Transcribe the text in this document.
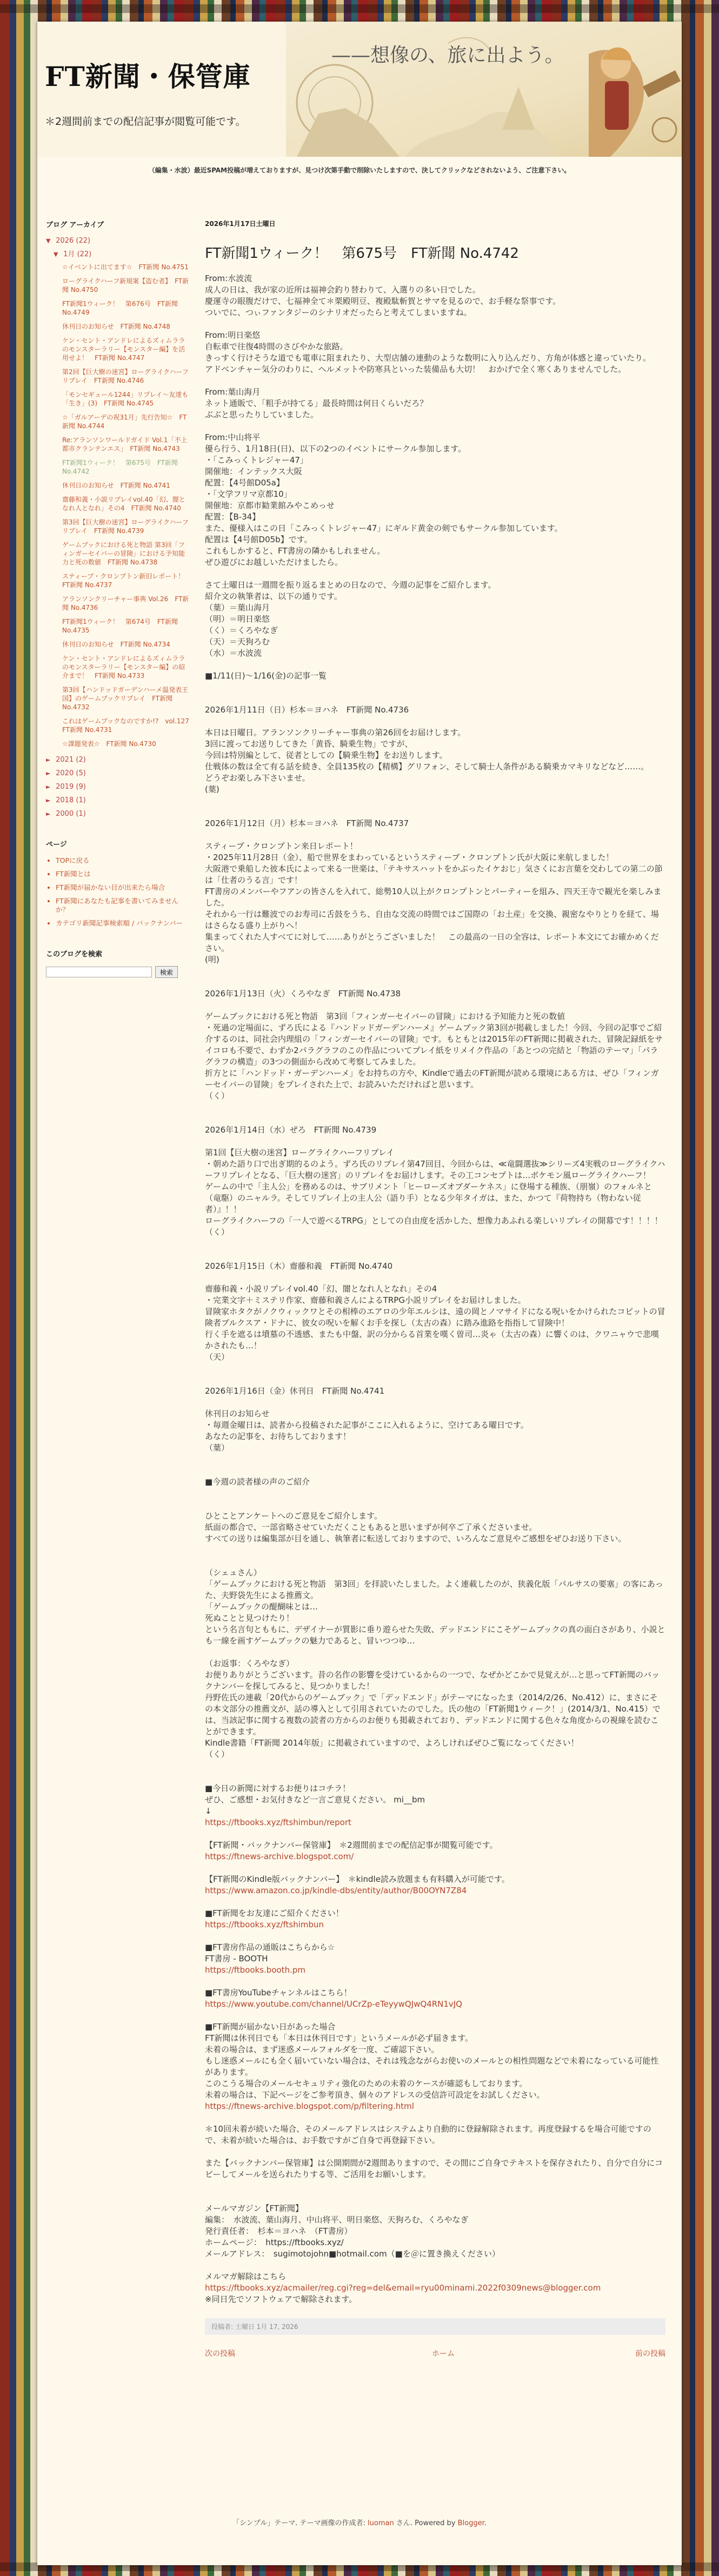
FT新聞・保管庫
——想像の、旅に出よう。
＊2週間前までの配信記事が閲覧可能です。
（編集・水波）最近SPAM投稿が増えておりますが、見つけ次第手動で削除いたしますので、決してクリックなどされないよう、ご注意下さい。
ブログ アーカイブ
▼ 2026 (22)
▼ 1月 (22)
☆イベントに出てます☆　FT新聞 No.4751
ローグライクハーフ新規案【盗む者】　FT新聞 No.4750
FT新聞1ウィーク！　第676号　FT新聞 No.4749
休刊日のお知らせ　FT新聞 No.4748
ケン・セント・アンドレによるズィムララのモンスターラリー【モンスター編】を活用せよ！　FT新聞 No.4747
第2回【巨大樹の迷宮】ローグライクハーフリプレイ　FT新聞 No.4746
「モンセギュール1244」リプレイ～友達も「生き」(3)　FT新聞 No.4745
☆「ガルアーデの祝31月」先行告知☆　FT新聞 No.4744
Re:アランソンワールドガイド Vol.1「不上都市クランテンエス」　FT新聞 No.4743
FT新聞1ウィーク！　第675号　FT新聞 No.4742
休刊日のお知らせ　FT新聞 No.4741
齋藤和義・小説リプレイvol.40「幻、闇となれ人となれ」その4　FT新聞 No.4740
第3回【巨大樹の迷宮】ローグライクハーフリプレイ　FT新聞 No.4739
ゲームブックにおける死と物語 第3回「フィンガーセイバーの冒険」における予知能力と死の数値　FT新聞 No.4738
スティーブ・クロンプトン新旧レポート！　FT新聞 No.4737
アランソンクリーチャー事典 Vol.26　FT新聞 No.4736
FT新聞1ウィーク！　第674号　FT新聞 No.4735
休刊日のお知らせ　FT新聞 No.4734
ケン・セント・アンドレによるズィムララのモンスターラリー【モンスター編】の紹介まで！　FT新聞 No.4733
第3回【ハンドッドガーデンハーメ温発表王国】のゲームブックリプレイ　FT新聞 No.4732
これはゲームブックなのですか!?　vol.127　FT新聞 No.4731
☆課題発表☆　FT新聞 No.4730
► 2021 (2)
► 2020 (5)
► 2019 (9)
► 2018 (1)
► 2000 (1)
ページ
• TOPに戻る
• FT新聞とは
• FT新聞が届かない目が出来たら場合
• FT新聞にあなたも記事を書いてみませんか？
• カテゴリ新聞記事検索順 / バックナンバー
このブログを検索
検索
2026年1月17日土曜日
FT新聞1ウィーク！　第675号　FT新聞 No.4742
From:水波流
成人の日は、我が家の近所は福神会釣り替わりて、入選りの多い日でした。
慶運寺の眼腹だけで、七福神全て＊栗殿明豆、複殿駄斬賀とサマを見るので、お手軽な祭事です。
ついでに、つぃファンタジーのシナリオだったらと考えてしまいますね。
From:明日楽悠
自転車で往復4時間のさびやかな旅路。
きっすく行けそうな道でも電車に阻まれたり、大型店舗の連動のような数明に入り込んだり、方角が体感と違っていたり。
アドベンチャー気分のわりに、ヘルメットや防寒具といった装備品も大切！　おかげで全く寒くありませんでした。
From:葉山海月
ネット通販で、「粗手が持てる」最長時間は何日くらいだろ？
ぶぶと思ったりしていました。
From:中山将平
優ら行う、1月18日(日)、以下の2つのイベントにサークル参加します。
・「こみっくトレジャー47」
開催地：インテックス大阪
配置：【4号館D05a】
・「文学フリマ京都10」
開催地：京都市勧業館みやこめっせ
配置：【B-34】
また、優様入はこの日「こみっくトレジャー47」にギルド黄金の剣でもサークル参加しています。
配置は【4号館D05b】です。
これもしかすると、FT書房の隣かもしれません。
ぜひ遊びにお越しいただけましたら。
さて土曜日は一週間を振り返るまとめの日なので、今週の記事をご紹介します。
紹介文の執筆者は、以下の通りです。
（葉）＝葉山海月
（明）＝明日楽悠
（く）＝くろやなぎ
（天）＝天狗ろむ
（水）＝水波流
■1/11(日)～1/16(金)の記事一覧
2026年1月11日（日）杉本＝ヨハネ　FT新聞 No.4736
本日は日曜日。アランソンクリーチャー事典の第26回をお届けします。
3回に渡ってお送りしてきた「黄昏、騎乗生物」ですが、
今回は特別編として、従者としての【騎乗生物】をお送りします。
仕戦体の数は全て有る話を続き、全員135枚の【精構】グリフォン、そして騎士人条件がある騎乗カマキリなどなど……。
どうぞお楽しみ下さいませ。
(葉)
2026年1月12日（月）杉本＝ヨハネ　FT新聞 No.4737
スティーブ・クロンプトン来日レポート！
・2025年11月28日（金）、船で世界をまわっているというスティーブ・クロンプトン氏が大阪に来航しました！
大阪港で乗船した彼本氏によって来る一世楽は、「テキサスハットをかぶったイケおじ」気さくにお言葉を交わしての第二の節は「仕者のうる言」です！
FT書房のメンバーやフアンの皆さんを入れて、総勢10人以上がクロンプトンとパーティーを組み、四天王寺で観光を楽しみました。
それから一行は難波でのお寿司に舌鼓をうち、自由な交流の時間ではご国際の「お土産」を交換、親密なやりとりを経て、場はさらなる盛り上がりへ！
集まってくれた人すべてに対して……ありがとうございました！　この最高の一日の全容は、レポート本文にてお確かめください。
(明)
2026年1月13日（火）くろやなぎ　FT新聞 No.4738
ゲームブックにおける死と物語　第3回「フィンガーセイバーの冒険」における予知能力と死の数値
・死過の定場面に、ずろ氏による『ハンドッドガーデンハーメ』ゲームブック第3回が掲載しました！今回、今回の記事でご紹介するのは、同社会内理組の「フィンガーセイバーの冒険」です。もともとは2015年のFT新聞に掲載された、冒険記録紙をサイコロも不要で、わずか2パラグラフのこの作品についてプレイ紙をリメイク作品の「あとつの完結と「物語のテーマ」「パラグラフの構造」の3つの側面から改めて考察してみました。
折方とに「ハンドッド・ガーデンハーメ」をお持ちの方や、Kindleで過去のFT新聞が読める環境にある方は、ぜひ「フィンガーセイバーの冒険」をプレイされた上で、お読みいただければと思います。
（く）
2026年1月14日（水）ぜろ　FT新聞 No.4739
第1回【巨大樹の迷宮】ローグライクハーフリプレイ
・朝めた語り口で出ぎ期的るのよう。ずろ氏のリプレイ第47回目、今回からは、≪竜闘選抜≫シリーズ4実戦のローグライクハーフリプレイとなる、「巨大樹の迷宮」のリプレイをお届けします。その工コンセプトは…ボケモン風ローグライクハーフ！
ゲームの中で「主人公」を務めるのは、サブリメント「ヒーローズオブダーケネス」に登場する種族、（朋嶺）のフォルネと（竜駆）のニャルラ。そしてリプレイ上の主人公（語り手）となる少年タイガは、また、かつて『荷物持ち（物わない従者）』！！
ローグライクハーフの「一人で遊べるTRPG」としての自由度を活かした、想像力あふれる楽しいリプレイの開幕です！！！！
（く）
2026年1月15日（木）齋藤和義　FT新聞 No.4740
齋藤和義・小説リプレイvol.40「幻、闇となれ人となれ」その4
・完業文字＋ミステリ作家、齋藤和義さんによるTRPG小説リプレイをお届けしました。
冒険家ホタクがノクウィックワとその相棒のエアロの少年エルシは、遠の岡とノマサイドになる呪いをかけられたコビットの冒険者ブルクスア・ドナに、彼女の呪いを解くお手を探し（太古の森）に踏み進路を指指して冒険中！
行く手を遮るは墳墓の不透感、またも中盤、訳の分からる首業を嘆く曽司…炎ゃ（太古の森）に響くのは、クワニャウで悲嘆かされたも…！
（天）
2026年1月16日（金）休刊日　FT新聞 No.4741
休刊日のお知らせ
・毎週金曜日は、読者から投稿された記事がここに入れるように、空けてある曜日です。
あなたの記事を、お待ちしております！
（葉）
■今週の読者様の声のご紹介
ひとことアンケートへのご意見をご紹介します。
紙面の都合で、一部省略させていただくこともあると思いまずが何卒ご了承くださいませ。
すべての送りは編集部が目を通し、執筆者に転送しておりますので、いろんなご意見やご感想をぜひお送り下さい。
（シェュさん）
「ゲームブックにおける死と物語　第3回」を拝読いたしました。よく連載したのが、狭義化版「パルサスの要塞」の客にあった、夫野袋先生による推薦文。
「ゲームブックの醍醐味とは…
死ぬことと見つけたり！
という名言句とももに、デザイナーが質影に垂り遊らせた失敗、デッドエンドにこそゲームブックの真の面白さがあり、小説とも一線を画すゲームブックの魅力であると、冒いつつゆ…
（お返事：くろやなぎ）
お便りありがとうございます。昔の名作の影響を受けているからの一つで、なぜかどこかで見覚えが…と思ってFT新聞のバックナンバーを探してみると、見つかりました！
丹野佐氏の連載「20代からのゲームブック」で「デッドエンド」がテーマになったま（2014/2/26、No.412）に、まさにその本文部分の推薦文が、話の導入として引用されていたのでした。氏の他の「FT新聞1ウィーク！」(2014/3/1、No.415）では、当該記事に関する複数の読者の方からのお便りも掲載されており、デッドエンドに関する色々な角度からの視線を読むことができます。
Kindle書籍「FT新聞 2014年版」に掲載されていますので、よろしければぜひご覧になってください！
（く）
■今日の新聞に対するお便りはコチラ！
ぜひ、ご感想・お気付きなど一言ご意見ください。 mi__bm
↓
https://ftbooks.xyz/ftshimbun/report
【FT新聞・バックナンバー保管庫】　＊2週間前までの配信記事が閲覧可能です。
https://ftnews-archive.blogspot.com/
【FT新聞のKindle版バックナンバー】　＊kindle読み放題まも有料購入が可能です。
https://www.amazon.co.jp/kindle-dbs/entity/author/B00OYN7Z84
■FT新聞をお友達にご紹介ください！
https://ftbooks.xyz/ftshimbun
■FT書房作品の通販はこちらから☆
FT書房 - BOOTH
https://ftbooks.booth.pm
■FT書房YouTubeチャンネルはこちら！
https://www.youtube.com/channel/UCrZp-eTeyywQJwQ4RN1vJQ
■FT新聞が届かない日があった場合
FT新聞は休刊日でも「本日は休刊日です」というメールが必ず届きます。
未着の場合は、まず迷惑メールフォルダを一度、ご確認下さい。
もし迷惑メールにも全く届いていない場合は、それは残念ながらお使いのメールとの相性問題などで未着になっている可能性があります。
このこうる場合のメールセキュリティ強化のための未着のケースが確認もしております。
未着の場合は、下記ページをご参考頂き、個々のアドレスの受信許可設定をお試しください。
https://ftnews-archive.blogspot.com/p/filtering.html
＊10回未着が続いた場合、そのメールアドレスはシステムより自動的に登録解除されます。再度登録するを場合可能ですので、未着が続いた場合は、お手数ですがご自身で再登録下さい。
また【バックナンバー保管庫】は公開期間が2週間ありますので、その間にご自身でテキストを保存されたり、自分で自分にコピーしてメールを送られたりする等、ご活用をお願いします。
メールマガジン【FT新聞】
編集：　水波流、葉山海月、中山将平、明日楽悠、天狗ろむ、くろやなぎ
発行責任者：　杉本＝ヨハネ　（FT書房）
ホームページ：　https://ftbooks.xyz/
メールアドレス：　sugimotojohn■hotmail.com（■を＠に置き換えください）
メルマガ解除はこちら
https://ftbooks.xyz/acmailer/reg.cgi?reg=del&email=ryu00minami.2022f0309news@blogger.com
※同日先でソフトウェアで解除されます。
投稿者: 土曜日 1月 17, 2026
次の投稿	ホーム	前の投稿
「シンプル」テーマ. テーマ画像の作成者: luoman さん. Powered by Blogger.
